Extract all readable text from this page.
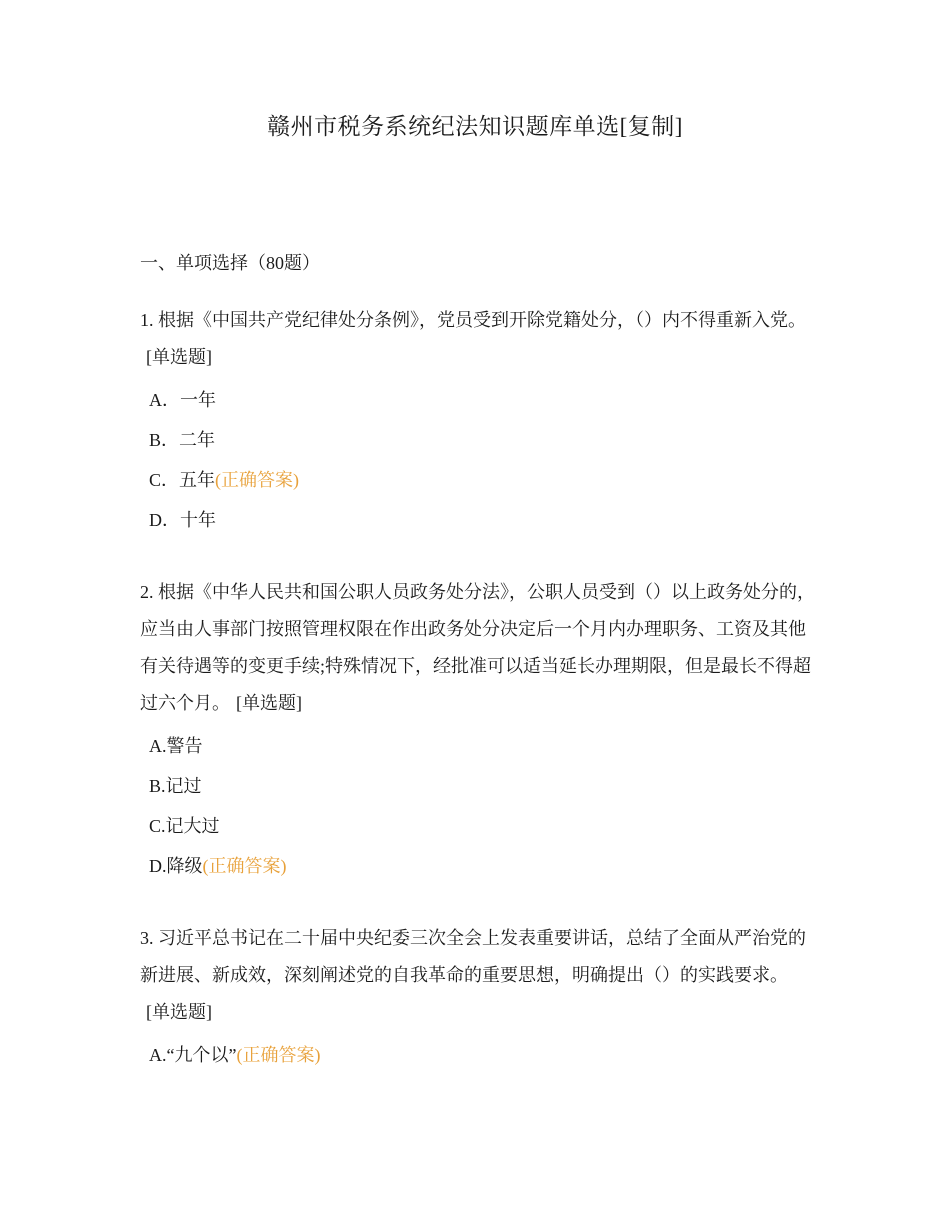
赣州市税务系统纪法知识题库单选[复制]
一、单项选择（80题）
1. 根据《中国共产党纪律处分条例》，党员受到开除党籍处分，（）内不得重新入党。[单选题]
A．一年
B．二年
C．五年(正确答案)
D．十年
2. 根据《中华人民共和国公职人员政务处分法》，公职人员受到（）以上政务处分的，应当由人事部门按照管理权限在作出政务处分决定后一个月内办理职务、工资及其他有关待遇等的变更手续;特殊情况下，经批准可以适当延长办理期限，但是最长不得超过六个月。 [单选题]
A.警告
B.记过
C.记大过
D.降级(正确答案)
3. 习近平总书记在二十届中央纪委三次全会上发表重要讲话，总结了全面从严治党的新进展、新成效，深刻阐述党的自我革命的重要思想，明确提出（）的实践要求。[单选题]
A.“九个以”(正确答案)
